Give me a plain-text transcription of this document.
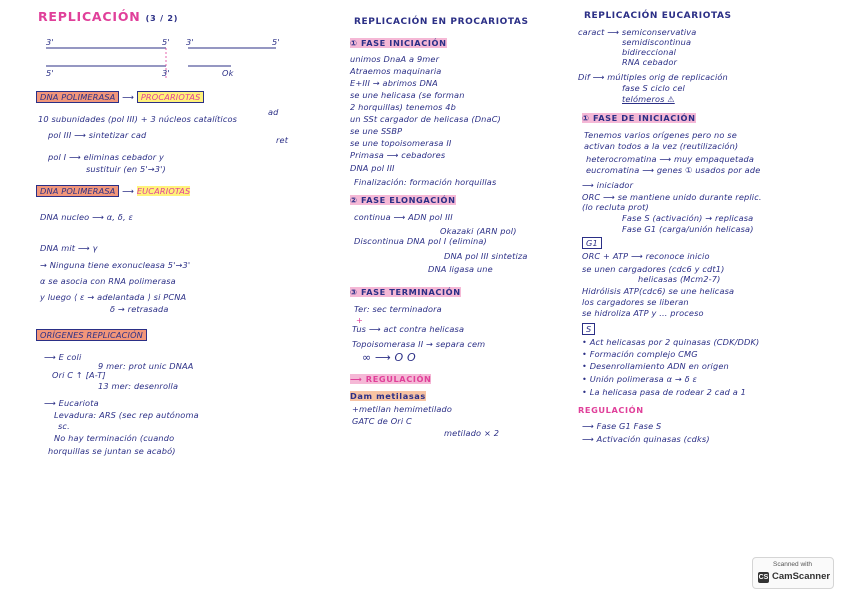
REPLICACIÓN (3 / 2)
3'	5' 3'	5'
3'
5'	Ok
DNA POLIMERASA ⟶ PROCARIOTAS
10 subunidades (pol III) + 3 núcleos catalíticos
ad
pol III ⟶ sintetizar cad	ret
pol I ⟶ eliminas cebador y
sustituir (en 5'→3')
DNA POLIMERASA ⟶ EUCARIOTAS
DNA nucleo ⟶ α, δ, ε
DNA mit ⟶ γ
→ Ninguna tiene exonucleasa 5'→3'
α se asocia con RNA polimerasa
y luego ⟨ ε → adelantada ⟩ si PCNA
δ → retrasada
ORÍGENES REPLICACIÓN
⟶ E coli
9 mer: prot unic DNAA
Ori C ↑ [A-T]
13 mer: desenrolla
⟶ Eucariota
Levadura: ARS (sec rep autónoma
sc.
No hay terminación (cuando
horquillas se juntan se acabó)
REPLICACIÓN EN PROCARIOTAS
① FASE INICIACIÓN
unimos DnaA a 9mer
Atraemos maquinaria
E+III → abrimos DNA
se une helicasa (se forman
2 horquillas) tenemos 4b
un SSt cargador de helicasa (DnaC)
se une SSBP
se une topoisomerasa II
Primasa ⟶ cebadores
DNA pol III
Finalización: formación horquillas
② FASE ELONGACIÓN
continua ⟶ ADN pol III
Okazaki (ARN pol)
Discontinua DNA pol I (elimina)
DNA pol III sintetiza
DNA ligasa une
③ FASE TERMINACIÓN
Ter: sec terminadora
+
Tus ⟶ act contra helicasa
Topoisomerasa II → separa cem
∞ ⟶ O O
⟶ REGULACIÓN
Dam metilasas
+metilan hemimetilado
GATC de Ori C
metilado × 2
REPLICACIÓN EUCARIOTAS
caract ⟶ semiconservativa
semidiscontinua
bidireccional
RNA cebador
Dif ⟶ múltiples orig de replicación
fase S ciclo cel
telómeros ⚠
① FASE DE INICIACIÓN
Tenemos varios orígenes pero no se
activan todos a la vez (reutilización)
heterocromatina ⟶ muy empaquetada
eucromatina ⟶ genes ① usados por ade
⟶ iniciador
ORC ⟶ se mantiene unido durante replic.
(lo recluta prot)
Fase S (activación) → replicasa
Fase G1 (carga/unión helicasa)
G1
ORC + ATP ⟶ reconoce inicio
se unen cargadores (cdc6 y cdt1)
helicasas (Mcm2-7)
Hidrólisis ATP(cdc6) se une helicasa
los cargadores se liberan
se hidroliza ATP y ... proceso
S
• Act helicasas por 2 quinasas (CDK/DDK)
• Formación complejo CMG
• Desenrollamiento ADN en origen
• Unión polimerasa α → δ ε
• La helicasa pasa de rodear 2 cad a 1
REGULACIÓN
⟶ Fase G1 Fase S
⟶ Activación quinasas (cdks)
Scanned with
CS CamScanner
